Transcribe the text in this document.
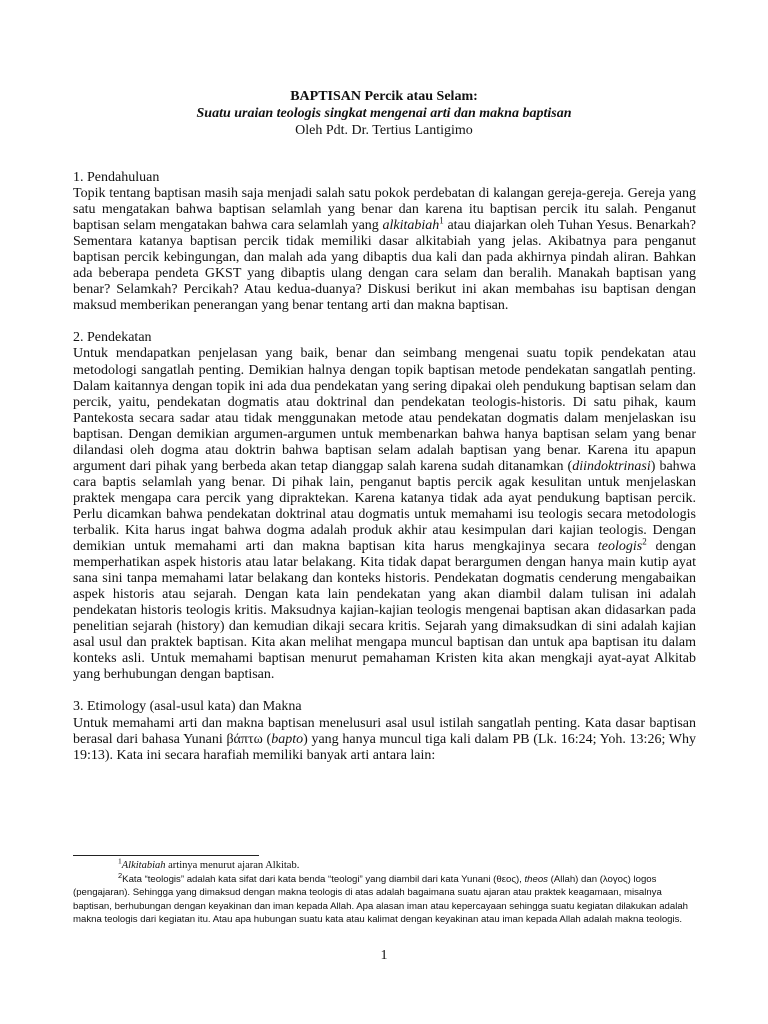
BAPTISAN Percik atau Selam:
Suatu uraian teologis singkat mengenai arti dan makna baptisan
Oleh Pdt. Dr. Tertius Lantigimo

1. Pendahuluan

Topik tentang baptisan masih saja menjadi salah satu pokok perdebatan di kalangan gereja-gereja. Gereja yang satu mengatakan bahwa baptisan selamlah yang benar dan karena itu baptisan percik itu salah. Penganut baptisan selam mengatakan bahwa cara selamlah yang alkitabiah$^1$ atau diajarkan oleh Tuhan Yesus. Benarkah? Sementara katanya baptisan percik tidak memiliki dasar alkitabiah yang jelas. Akibatnya para penganut baptisan percik kebingungan, dan malah ada yang dibaptis dua kali dan pada akhirnya pindah aliran. Bahkan ada beberapa pendeta GKST yang dibaptis ulang dengan cara selam dan beralih. Manakah baptisan yang benar? Selamkah? Percikah? Atau kedua-duanya? Diskusi berikut ini akan membahas isu baptisan dengan maksud memberikan penerangan yang benar tentang arti dan makna baptisan.

2. Pendekatan

Untuk mendapatkan penjelasan yang baik, benar dan seimbang mengenai suatu topik pendekatan atau metodologi sangatlah penting. Demikian halnya dengan topik baptisan metode pendekatan sangatlah penting. Dalam kaitannya dengan topik ini ada dua pendekatan yang sering dipakai oleh pendukung baptisan selam dan percik, yaitu, pendekatan dogmatis atau doktrinal dan pendekatan teologis-historis. Di satu pihak, kaum Pantekosta secara sadar atau tidak menggunakan metode atau pendekatan dogmatis dalam menjelaskan isu baptisan. Dengan demikian argumen-argumen untuk membenarkan bahwa hanya baptisan selam yang benar dilandasi oleh dogma atau doktrin bahwa baptisan selam adalah baptisan yang benar. Karena itu apapun argument dari pihak yang berbeda akan tetap dianggap salah karena sudah ditanamkan (diindoktrinasi) bahwa cara baptis selamlah yang benar. Di pihak lain, penganut baptis percik agak kesulitan untuk menjelaskan praktek mengapa cara percik yang dipraktekan. Karena katanya tidak ada ayat pendukung baptisan percik. Perlu dicamkan bahwa pendekatan doktrinal atau dogmatis untuk memahami isu teologis secara metodologis terbalik. Kita harus ingat bahwa dogma adalah produk akhir atau kesimpulan dari kajian teologis. Dengan demikian untuk memahami arti dan makna baptisan kita harus mengkajinya secara teologis$^2$ dengan memperhatikan aspek historis atau latar belakang. Kita tidak dapat berargumen dengan hanya main kutip ayat sana sini tanpa memahami latar belakang dan konteks historis. Pendekatan dogmatis cenderung mengabaikan aspek historis atau sejarah. Dengan kata lain pendekatan yang akan diambil dalam tulisan ini adalah pendekatan historis teologis kritis. Maksudnya kajian-kajian teologis mengenai baptisan akan didasarkan pada penelitian sejarah (history) dan kemudian dikaji secara kritis. Sejarah yang dimaksudkan di sini adalah kajian asal usul dan praktek baptisan. Kita akan melihat mengapa muncul baptisan dan untuk apa baptisan itu dalam konteks asli. Untuk memahami baptisan menurut pemahaman Kristen kita akan mengkaji ayat-ayat Alkitab yang berhubungan dengan baptisan.

3. Etimology (asal-usul kata) dan Makna

Untuk memahami arti dan makna baptisan menelusuri asal usul istilah sangatlah penting. Kata dasar baptisan berasal dari bahasa Yunani βάπτω (bapto) yang hanya muncul tiga kali dalam PB (Lk. 16:24; Yoh. 13:26; Why 19:13). Kata ini secara harafiah memiliki banyak arti antara lain:

$^1$Alkitabiah artinya menurut ajaran Alkitab.

$^2$Kata “teologis” adalah kata sifat dari kata benda “teologi” yang diambil dari kata Yunani (θεος), theos (Allah) dan (λογος) logos (pengajaran). Sehingga yang dimaksud dengan makna teologis di atas adalah bagaimana suatu ajaran atau praktek keagamaan, misalnya baptisan, berhubungan dengan keyakinan dan iman kepada Allah. Apa alasan iman atau kepercayaan sehingga suatu kegiatan dilakukan adalah makna teologis dari kegiatan itu. Atau apa hubungan suatu kata atau kalimat dengan keyakinan atau iman kepada Allah adalah makna teologis.

1
